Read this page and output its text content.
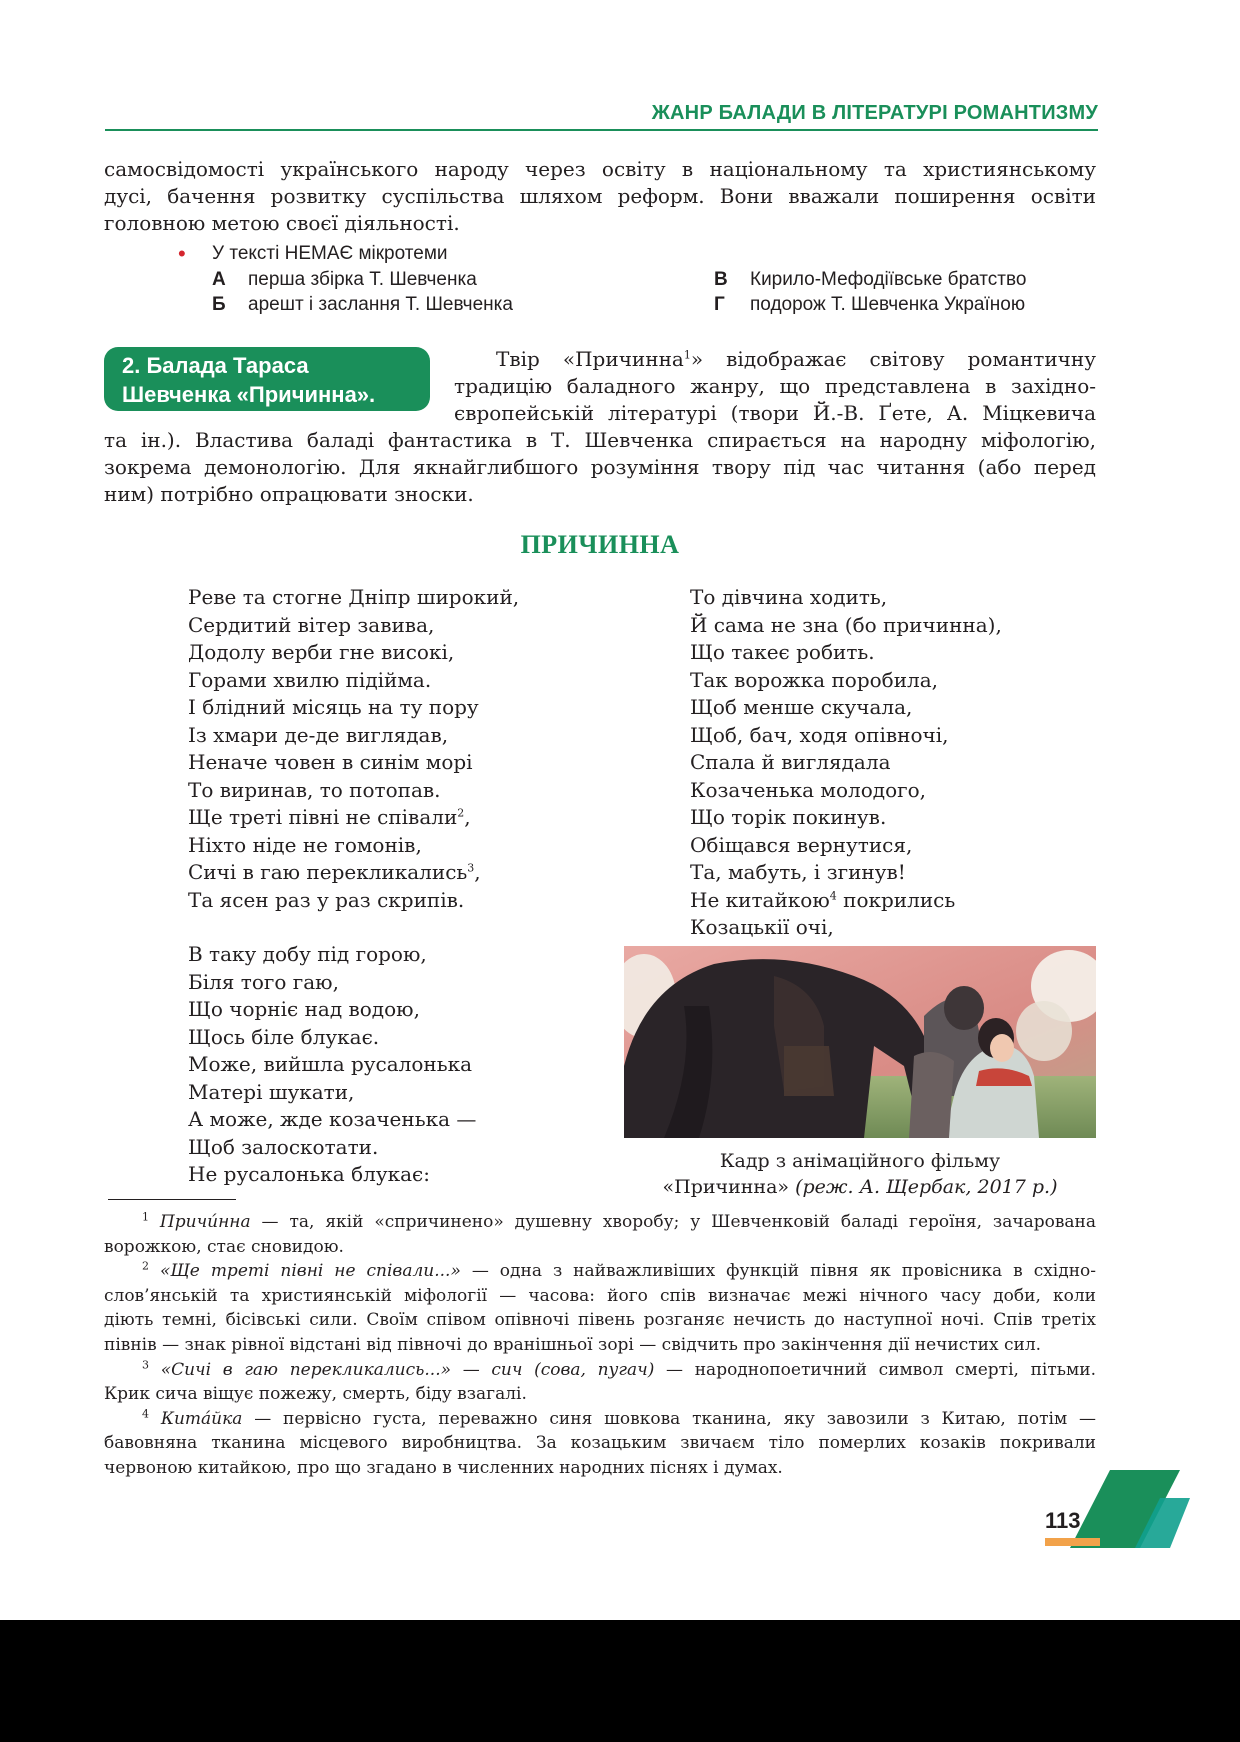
ЖАНР БАЛАДИ В ЛІТЕРАТУРІ РОМАНТИЗМУ
самосвідомості українського народу через освіту в національному та християнському
дусі, бачення розвитку суспільства шляхом реформ. Вони вважали поширення освіти
головною метою своєї діяльності.
• У тексті НЕМАЄ мікротеми
А перша збірка Т. Шевченка
Б арешт і заслання Т. Шевченка
В Кирило-Мефодіївське братство
Г подорож Т. Шевченка Україною
2. Балада Тараса
Шевченка «Причинна».
Твір «Причинна$^1$» відображає світову романтичну
традицію баладного жанру, що представлена в західно-
європейській літературі (твори Й.-В. Ґете, А. Міцкевича
та ін.). Властива баладі фантастика в Т. Шевченка спирається на народну міфологію,
зокрема демонологію. Для якнайглибшого розуміння твору під час читання (або перед
ним) потрібно опрацювати зноски.
ПРИЧИННА
Реве та стогне Дніпр широкий,
Сердитий вітер завива,
Додолу верби гне високі,
Горами хвилю підійма.
І блідний місяць на ту пору
Із хмари де-де виглядав,
Неначе човен в синім морі
То виринав, то потопав.
Ще треті півні не співали$^2$,
Ніхто ніде не гомонів,
Сичі в гаю перекликались$^3$,
Та ясен раз у раз скрипів.
В таку добу під горою,
Біля того гаю,
Що чорніє над водою,
Щось біле блукає.
Може, вийшла русалонька
Матері шукати,
А може, жде козаченька —
Щоб залоскотати.
Не русалонька блукає:
То дівчина ходить,
Й сама не зна (бо причинна),
Що такеє робить.
Так ворожка поробила,
Щоб менше скучала,
Щоб, бач, ходя опівночі,
Спала й виглядала
Козаченька молодого,
Що торік покинув.
Обіщався вернутися,
Та, мабуть, і згинув!
Не китайкою$^4$ покрились
Козацькії очі,
Кадр з анімаційного фільму
«Причинна» (реж. А. Щербак, 2017 р.)
$^1$ Причи́нна — та, якій «спричинено» душевну хворобу; у Шевченковій баладі героїня, зачарована
ворожкою, стає сновидою.
$^2$ «Ще треті півні не співали...» — одна з найважливіших функцій півня як провісника в східно-
слов’янській та християнській міфології — часова: його спів визначає межі нічного часу доби, коли
діють темні, бісівські сили. Своїм співом опівночі півень розганяє нечисть до наступної ночі. Спів третіх
півнів — знак рівної відстані від півночі до вранішньої зорі — свідчить про закінчення дії нечистих сил.
$^3$ «Сичі в гаю перекликались...» — сич (сова, пугач) — народнопоетичний символ смерті, пітьми.
Крик сича віщує пожежу, смерть, біду взагалі.
$^4$ Кита́йка — первісно густа, переважно синя шовкова тканина, яку завозили з Китаю, потім —
бавовняна тканина місцевого виробництва. За козацьким звичаєм тіло померлих козаків покривали
червоною китайкою, про що згадано в численних народних піснях і думах.
113
